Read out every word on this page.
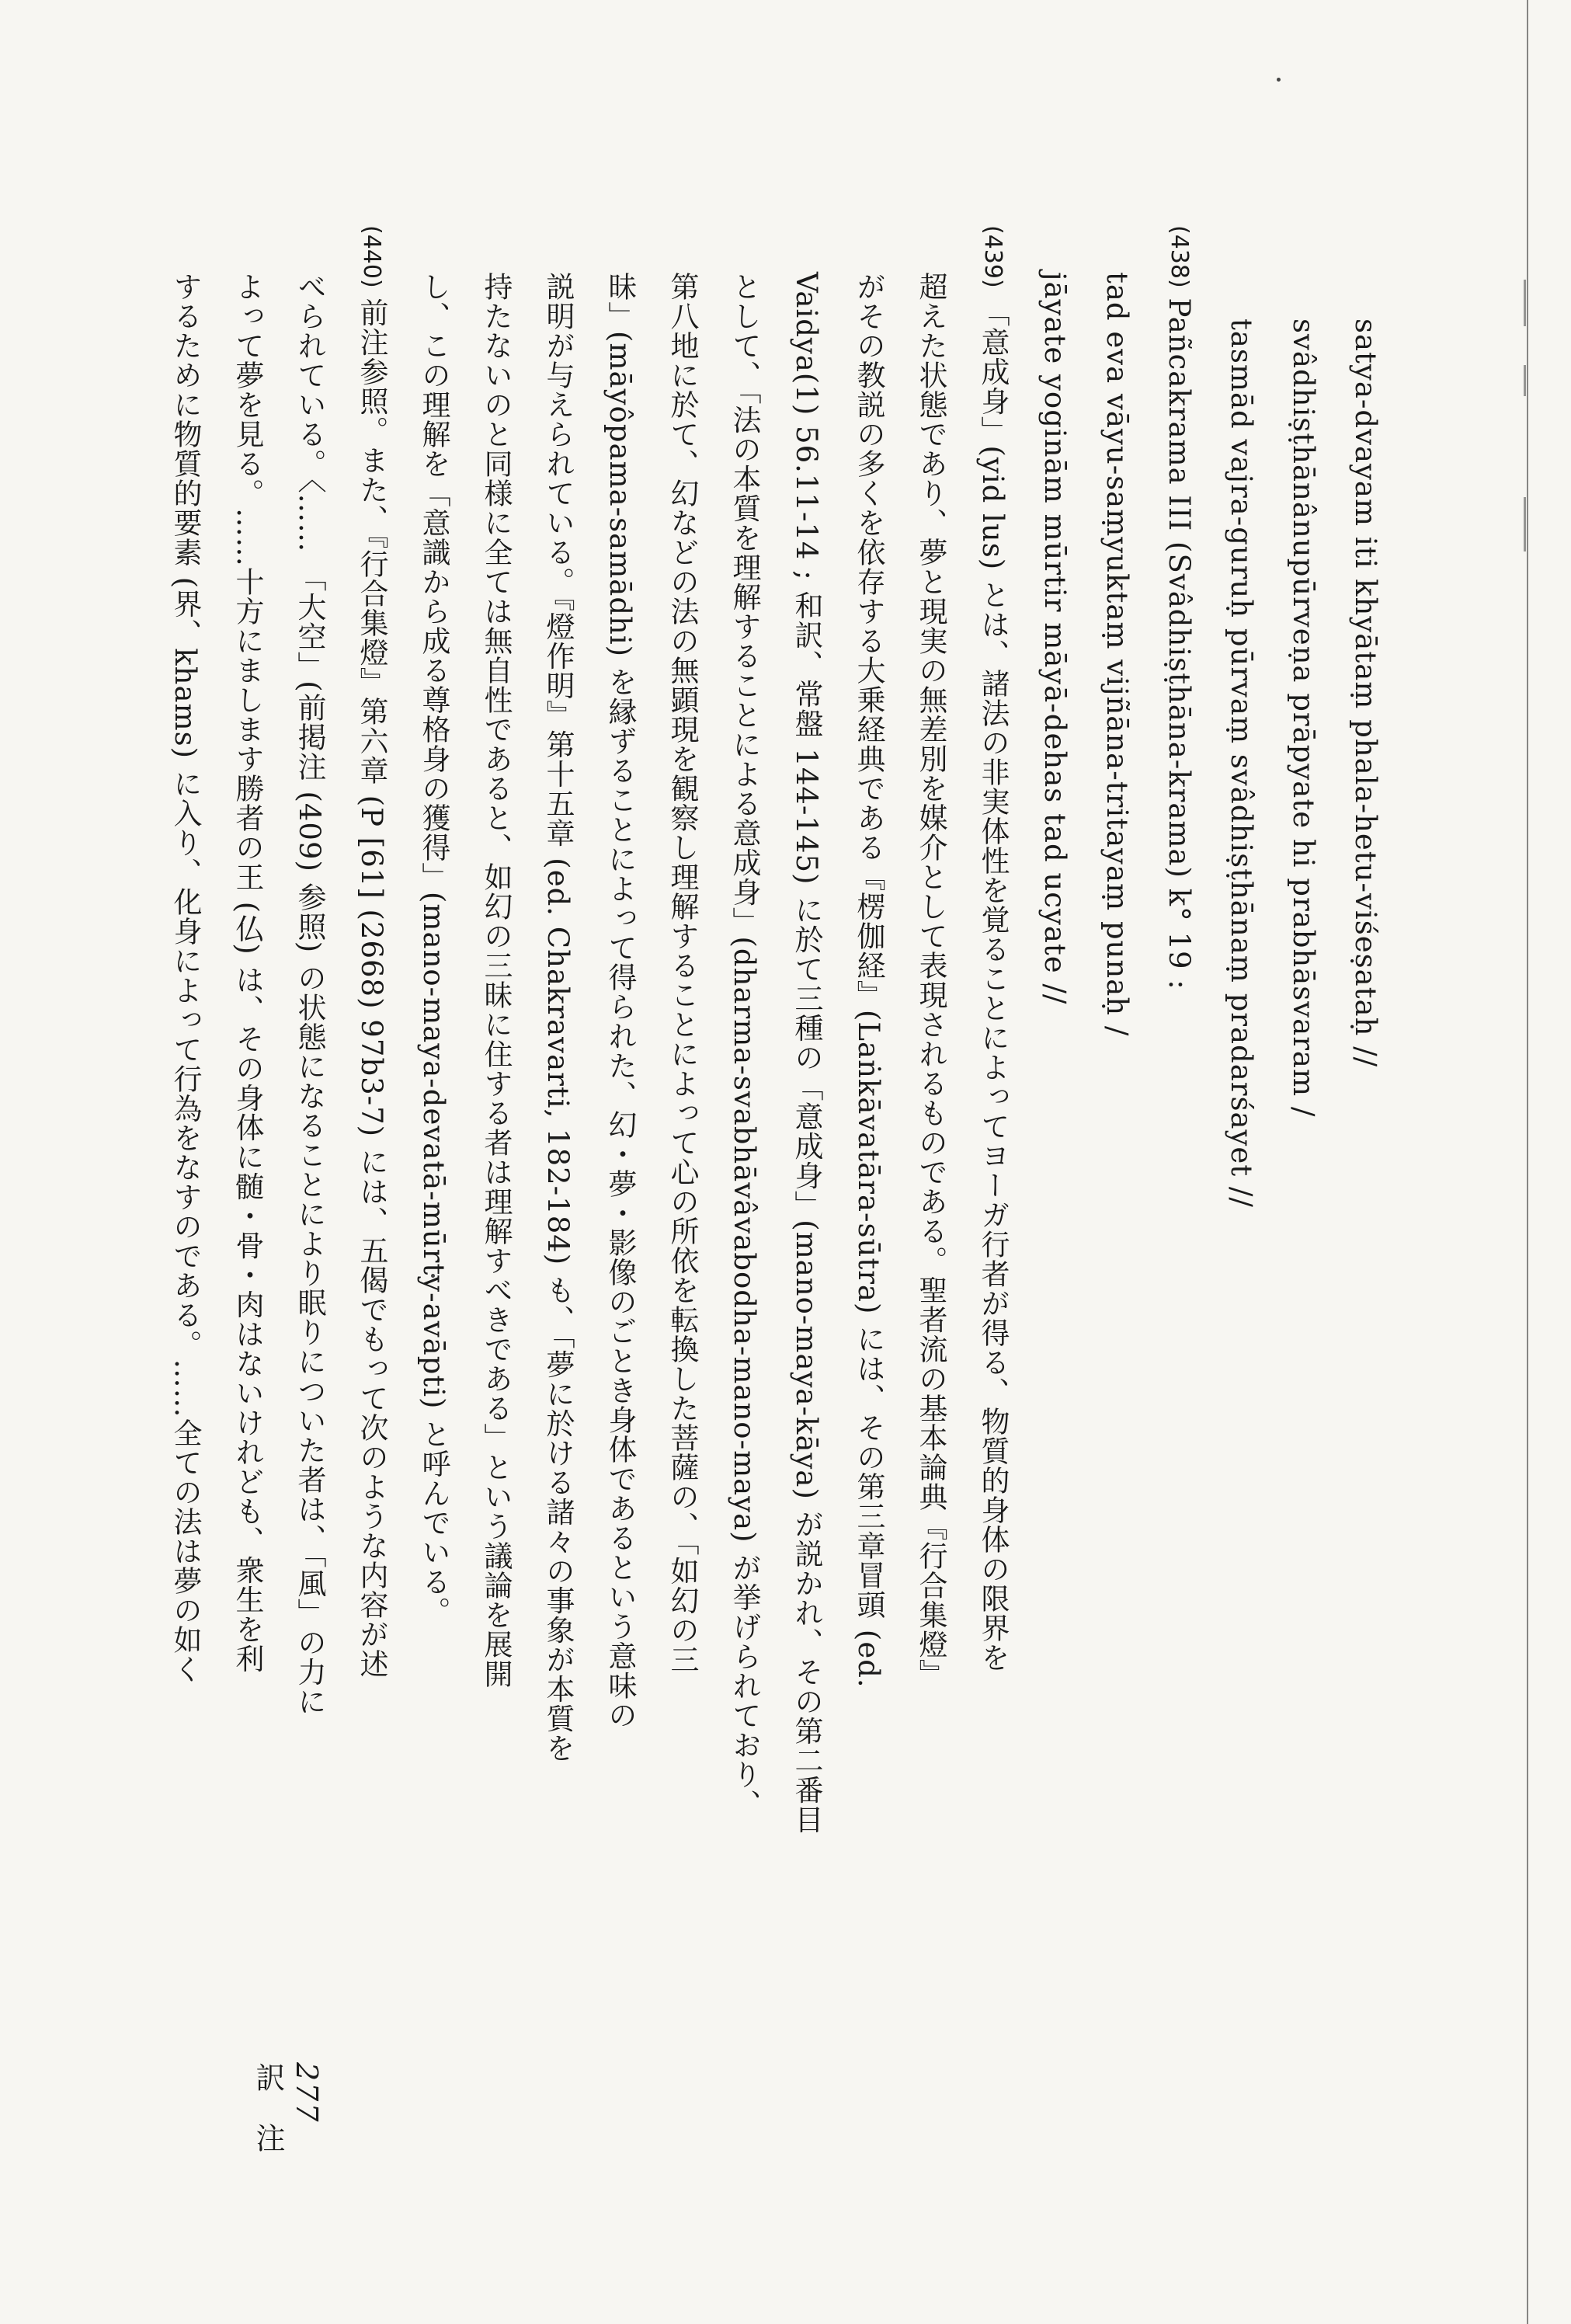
satya-dvayam iti khyātaṃ phala-hetu-viśeṣataḥ //
svâdhiṣṭhānânupūrveṇa prāpyate hi prabhāsvaram /
tasmād vajra-guruḥ pūrvaṃ svâdhiṣṭhānaṃ pradarśayet //
(438) Pañcakrama III (Svâdhiṣṭhāna-krama) k° 19 :
tad eva vāyu-saṃyuktaṃ vijñāna-tritayaṃ punaḥ /
jāyate yoginām mūrtir māyā-dehas tad ucyate //
(439) 「意成身」(yid lus) とは、諸法の非実体性を覚ることによってヨーガ行者が得る、物質的身体の限界を
超えた状態であり、夢と現実の無差別を媒介として表現されるものである。聖者流の基本論典『行合集燈』
がその教説の多くを依存する大乗経典である『楞伽経』(Laṅkāvatāra-sūtra) には、その第三章冒頭 (ed.
Vaidya(1) 56.11-14 ; 和訳、常盤 144-145) に於て三種の「意成身」(mano-maya-kāya) が説かれ、その第二番目
として、「法の本質を理解することによる意成身」(dharma-svabhāvâvabodha-mano-maya) が挙げられており、
第八地に於て、幻などの法の無顕現を観察し理解することによって心の所依を転換した菩薩の、「如幻の三
昧」(māyôpama-samādhi) を縁ずることによって得られた、幻・夢・影像のごとき身体であるという意味の
説明が与えられている。『燈作明』第十五章 (ed. Chakravarti, 182-184) も、「夢に於ける諸々の事象が本質を
持たないのと同様に全ては無自性であると、如幻の三昧に住する者は理解すべきである」という議論を展開
し、この理解を「意識から成る尊格身の獲得」(mano-maya-devatā-mūrty-avāpti) と呼んでいる。
(440) 前注参照。また、『行合集燈』第六章 (P [61] (2668) 97b3-7) には、五偈でもって次のような内容が述
べられている。〈…… 「大空」(前掲注 (409) 参照) の状態になることにより眠りについた者は、「風」の力に
よって夢を見る。……十方にまします勝者の王 (仏) は、その身体に髄・骨・肉はないけれども、衆生を利
するために物質的要素 (界、khams) に入り、化身によって行為をなすのである。……全ての法は夢の如く
277
訳注
